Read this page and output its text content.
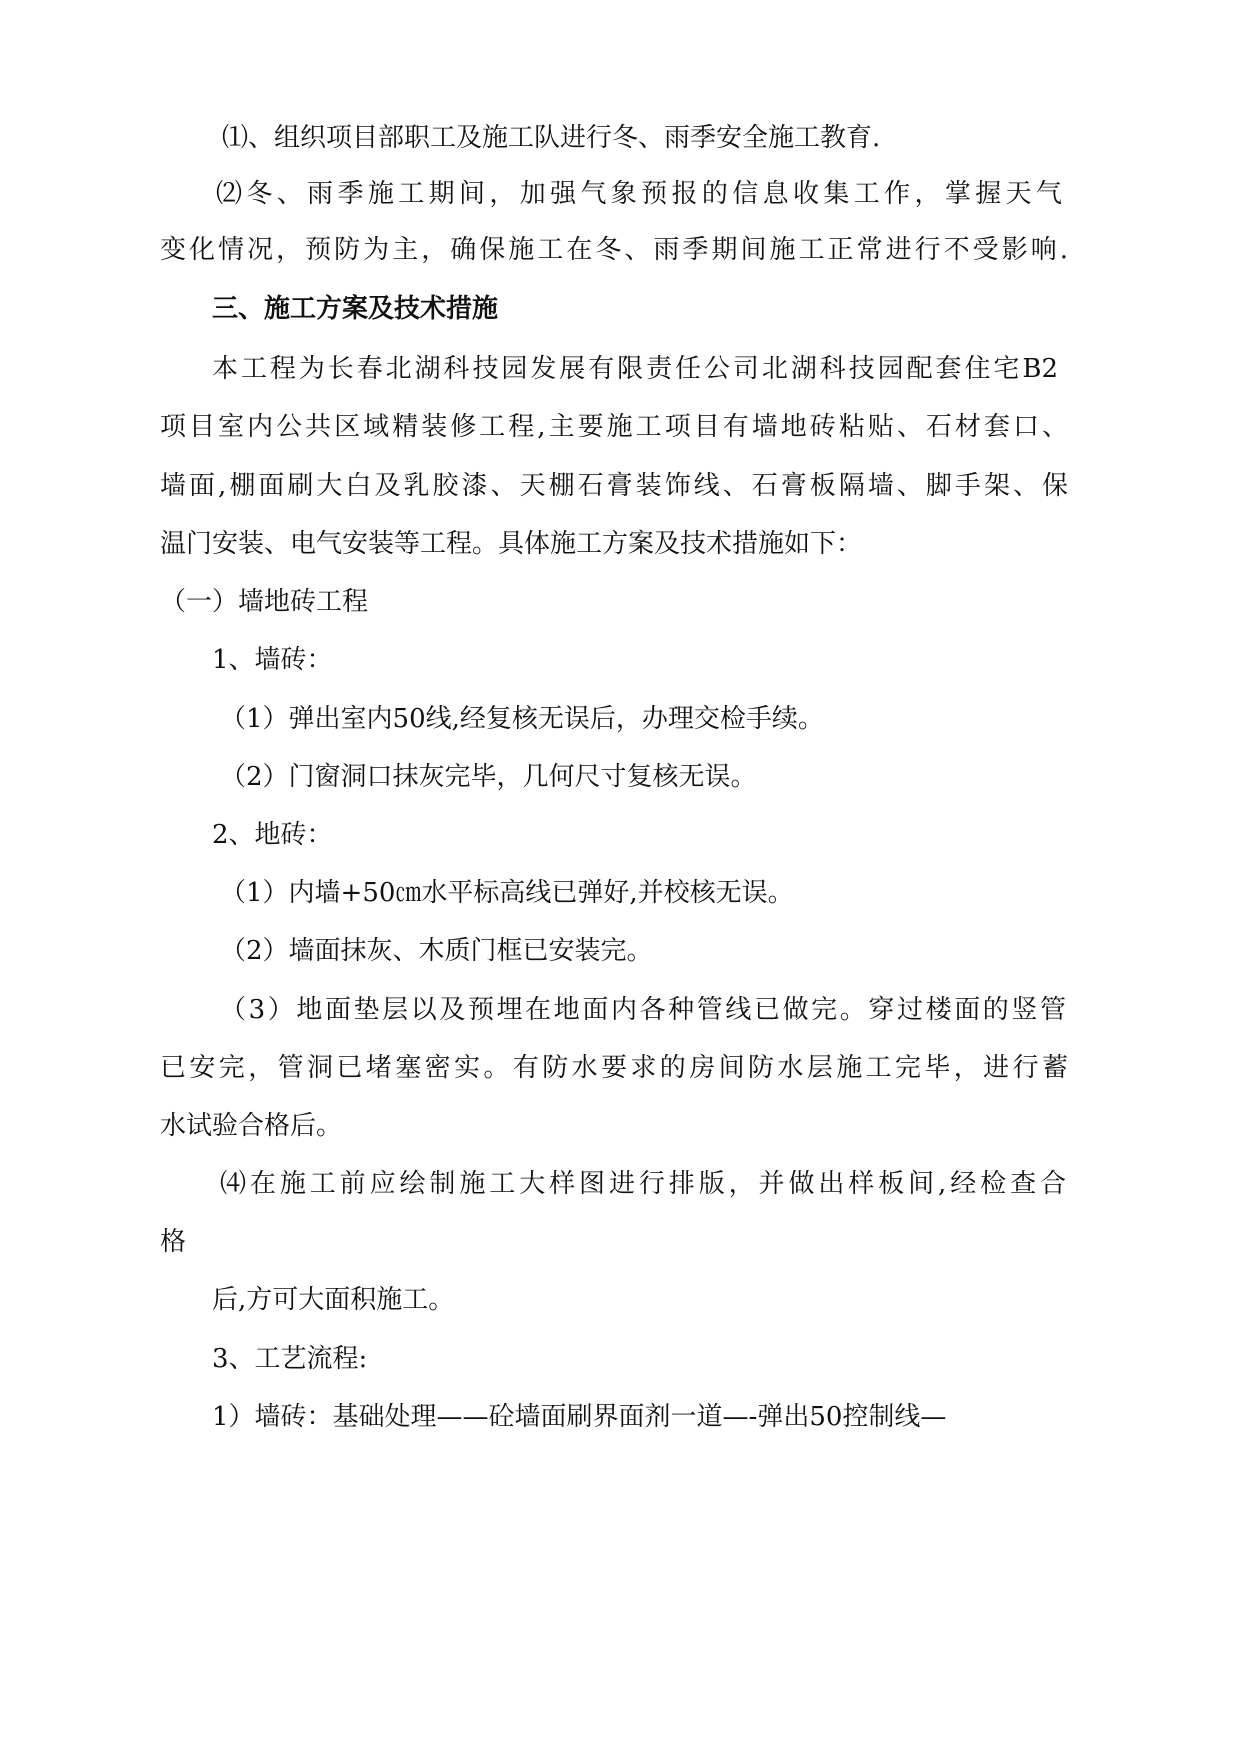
⑴、组织项目部职工及施工队进行冬、雨季安全施工教育.
⑵冬、雨季施工期间，加强气象预报的信息收集工作，掌握天气
变化情况，预防为主，确保施工在冬、雨季期间施工正常进行不受影响.
三、施工方案及技术措施
本工程为长春北湖科技园发展有限责任公司北湖科技园配套住宅B2
项目室内公共区域精装修工程,主要施工项目有墙地砖粘贴、石材套口、
墙面,棚面刷大白及乳胶漆、天棚石膏装饰线、石膏板隔墙、脚手架、保
温门安装、电气安装等工程。具体施工方案及技术措施如下：
（一）墙地砖工程
1、墙砖：
（1）弹出室内50线,经复核无误后，办理交检手续。
（2）门窗洞口抹灰完毕，几何尺寸复核无误。
2、地砖：
（1）内墙+50㎝水平标高线已弹好,并校核无误。
（2）墙面抹灰、木质门框已安装完。
（3）地面垫层以及预埋在地面内各种管线已做完。穿过楼面的竖管
已安完，管洞已堵塞密实。有防水要求的房间防水层施工完毕，进行蓄
水试验合格后。
⑷在施工前应绘制施工大样图进行排版，并做出样板间,经检查合
格
后,方可大面积施工。
3、工艺流程:
1）墙砖：基础处理——砼墙面刷界面剂一道—-弹出50控制线—
